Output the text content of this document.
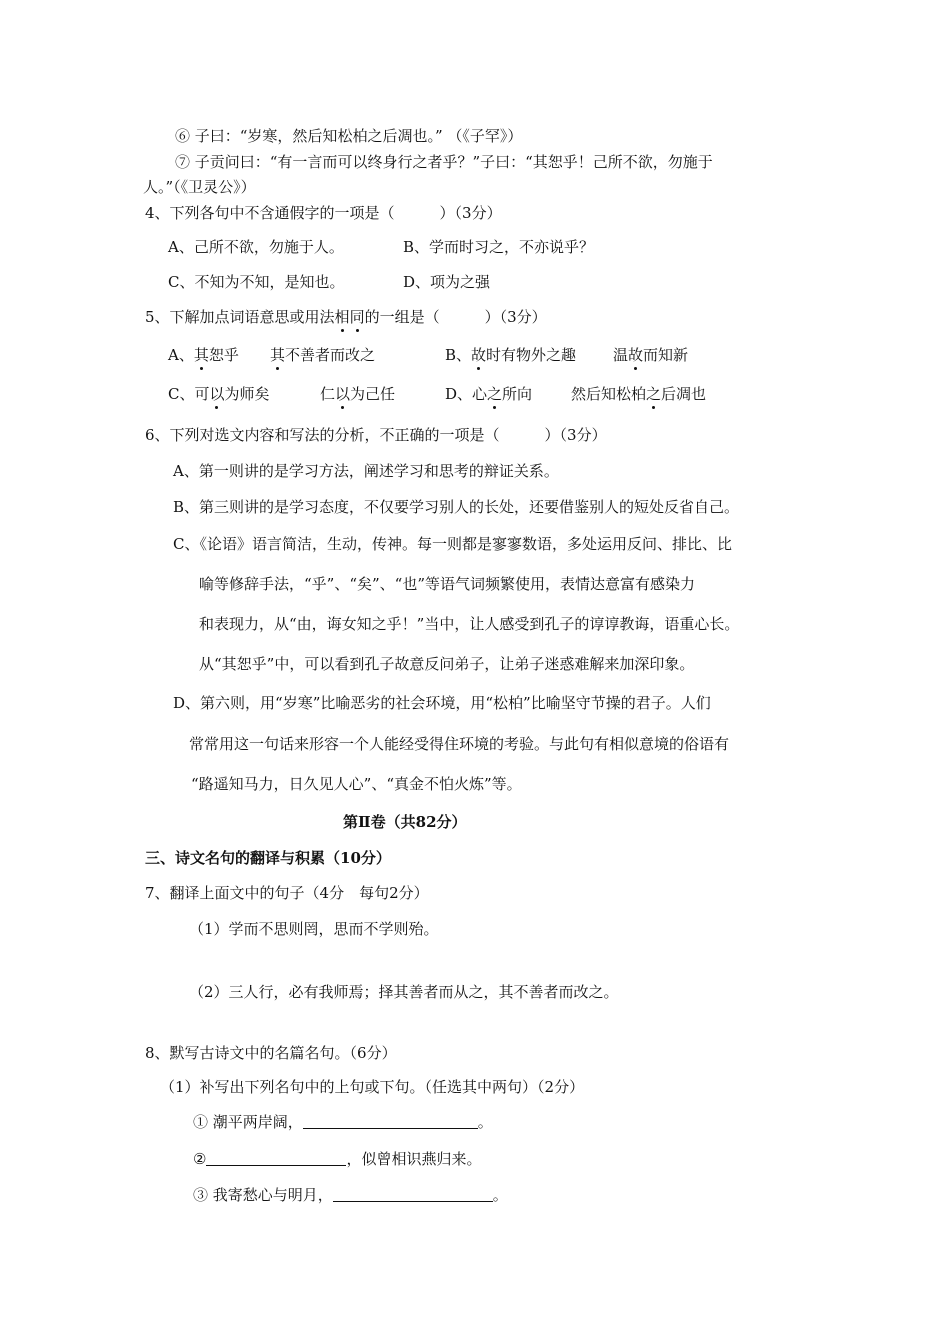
⑥ 子曰：“岁寒，然后知松柏之后凋也。” （《子罕》）
⑦ 子贡问曰：“有一言而可以终身行之者乎？”子曰：“其恕乎！己所不欲，勿施于
人。”（《卫灵公》）
4、下列各句中不含通假字的一项是（　　　）（3分）
A、己所不欲，勿施于人。	B、学而时习之，不亦说乎？
C、不知为不知，是知也。	D、项为之强
5、下解加点词语意思或用法相同的一组是（　　　）（3分）
A、其恕乎 其不善者而改之	B、故时有物外之趣 温故而知新
C、可以为师矣	仁以为己任	D、心之所向	然后知松柏之后凋也
6、下列对选文内容和写法的分析，不正确的一项是（　　　）（3分）
A、第一则讲的是学习方法，阐述学习和思考的辩证关系。
B、第三则讲的是学习态度，不仅要学习别人的长处，还要借鉴别人的短处反省自己。
C、《论语》语言简洁，生动，传神。每一则都是寥寥数语，多处运用反问、排比、比
喻等修辞手法，“乎”、“矣”、“也”等语气词频繁使用，表情达意富有感染力
和表现力，从“由，诲女知之乎！”当中，让人感受到孔子的谆谆教诲，语重心长。
从“其恕乎”中，可以看到孔子故意反问弟子，让弟子迷惑难解来加深印象。
D、第六则，用“岁寒”比喻恶劣的社会环境，用“松柏”比喻坚守节操的君子。人们
常常用这一句话来形容一个人能经受得住环境的考验。与此句有相似意境的俗语有
“路遥知马力，日久见人心”、“真金不怕火炼”等。
第Ⅱ卷（共82分）
三、诗文名句的翻译与积累（10分）
7、翻译上面文中的句子（4分　每句2分）
（1）学而不思则罔，思而不学则殆。
（2）三人行，必有我师焉；择其善者而从之，其不善者而改之。
8、默写古诗文中的名篇名句。（6分）
（1）补写出下列名句中的上句或下句。（任选其中两句）（2分）
① 潮平两岸阔，	。
②	，似曾相识燕归来。
③ 我寄愁心与明月，	。
